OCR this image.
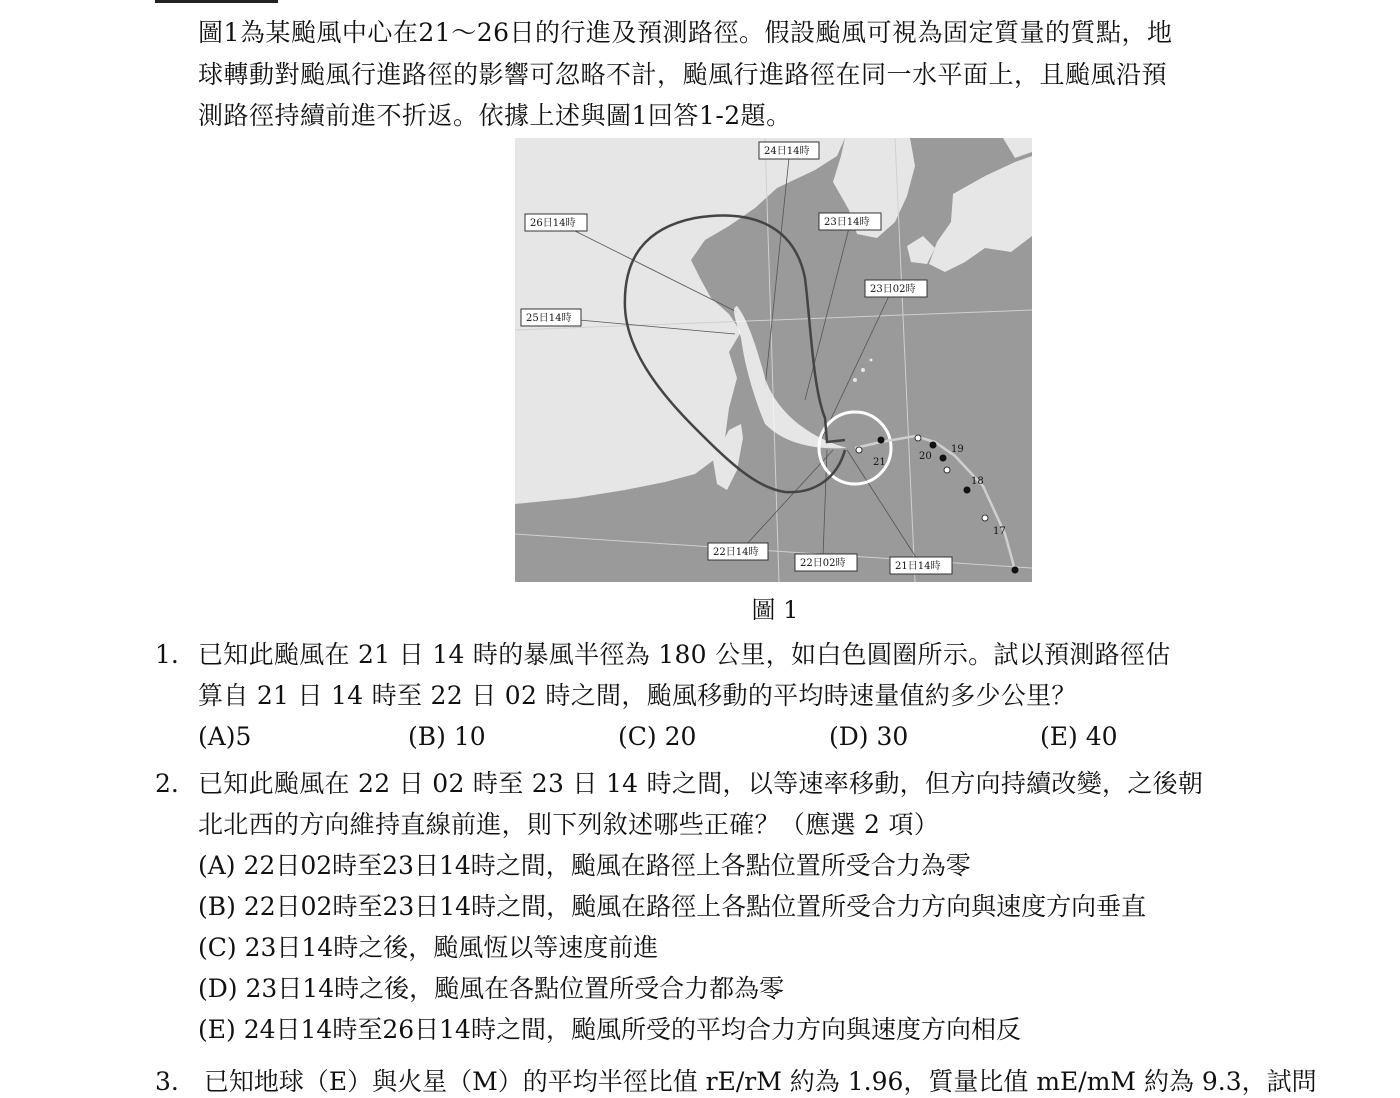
圖1為某颱風中心在21～26日的行進及預測路徑。假設颱風可視為固定質量的質點，地

球轉動對颱風行進路徑的影響可忽略不計，颱風行進路徑在同一水平面上，且颱風沿預

測路徑持續前進不折返。依據上述與圖1回答1-2題。

21
20
19
18
17
24日14時
26日14時	23日14時
23日02時
25日14時
22日14時
22日02時	21日14時
圖 1
1. 已知此颱風在 21 日 14 時的暴風半徑為 180 公里，如白色圓圈所示。試以預測路徑估
算自 21 日 14 時至 22 日 02 時之間，颱風移動的平均時速量值約多少公里？
(A)5	(B) 10	(C) 20	(D) 30	(E) 40
2. 已知此颱風在 22 日 02 時至 23 日 14 時之間，以等速率移動，但方向持續改變，之後朝
北北西的方向維持直線前進，則下列敘述哪些正確？（應選 2 項）
(A) 22日02時至23日14時之間，颱風在路徑上各點位置所受合力為零
(B) 22日02時至23日14時之間，颱風在路徑上各點位置所受合力方向與速度方向垂直
(C) 23日14時之後，颱風恆以等速度前進
(D) 23日14時之後，颱風在各點位置所受合力都為零
(E) 24日14時至26日14時之間，颱風所受的平均合力方向與速度方向相反
3.　已知地球（E）與火星（M）的平均半徑比值 rE/rM 約為 1.96，質量比值 mE/mM 約為 9.3，試問
